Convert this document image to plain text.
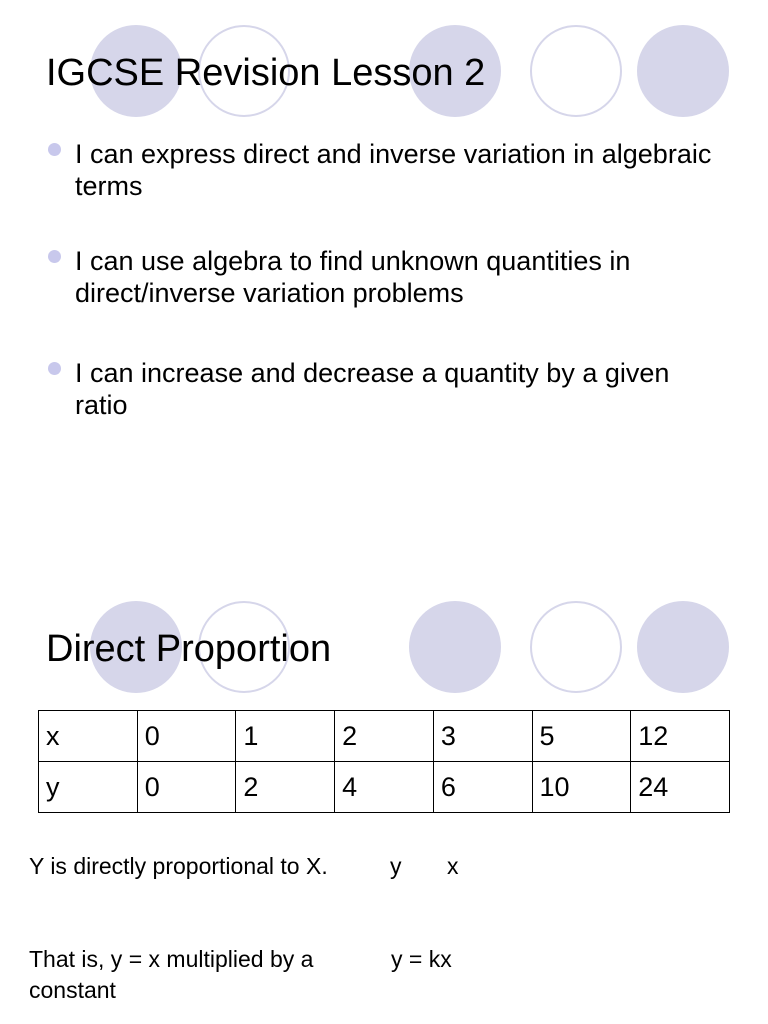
IGCSE Revision Lesson 2
I can express direct and inverse variation in algebraic terms
I can use algebra to find unknown quantities in direct/inverse variation problems
I can increase and decrease a quantity by a given ratio
Direct Proportion
x	0	1	2	3	5	12
y	0	2	4	6	10	24

Y is directly proportional to X.	y x

That is, y = x multiplied by a constant

y = kx
